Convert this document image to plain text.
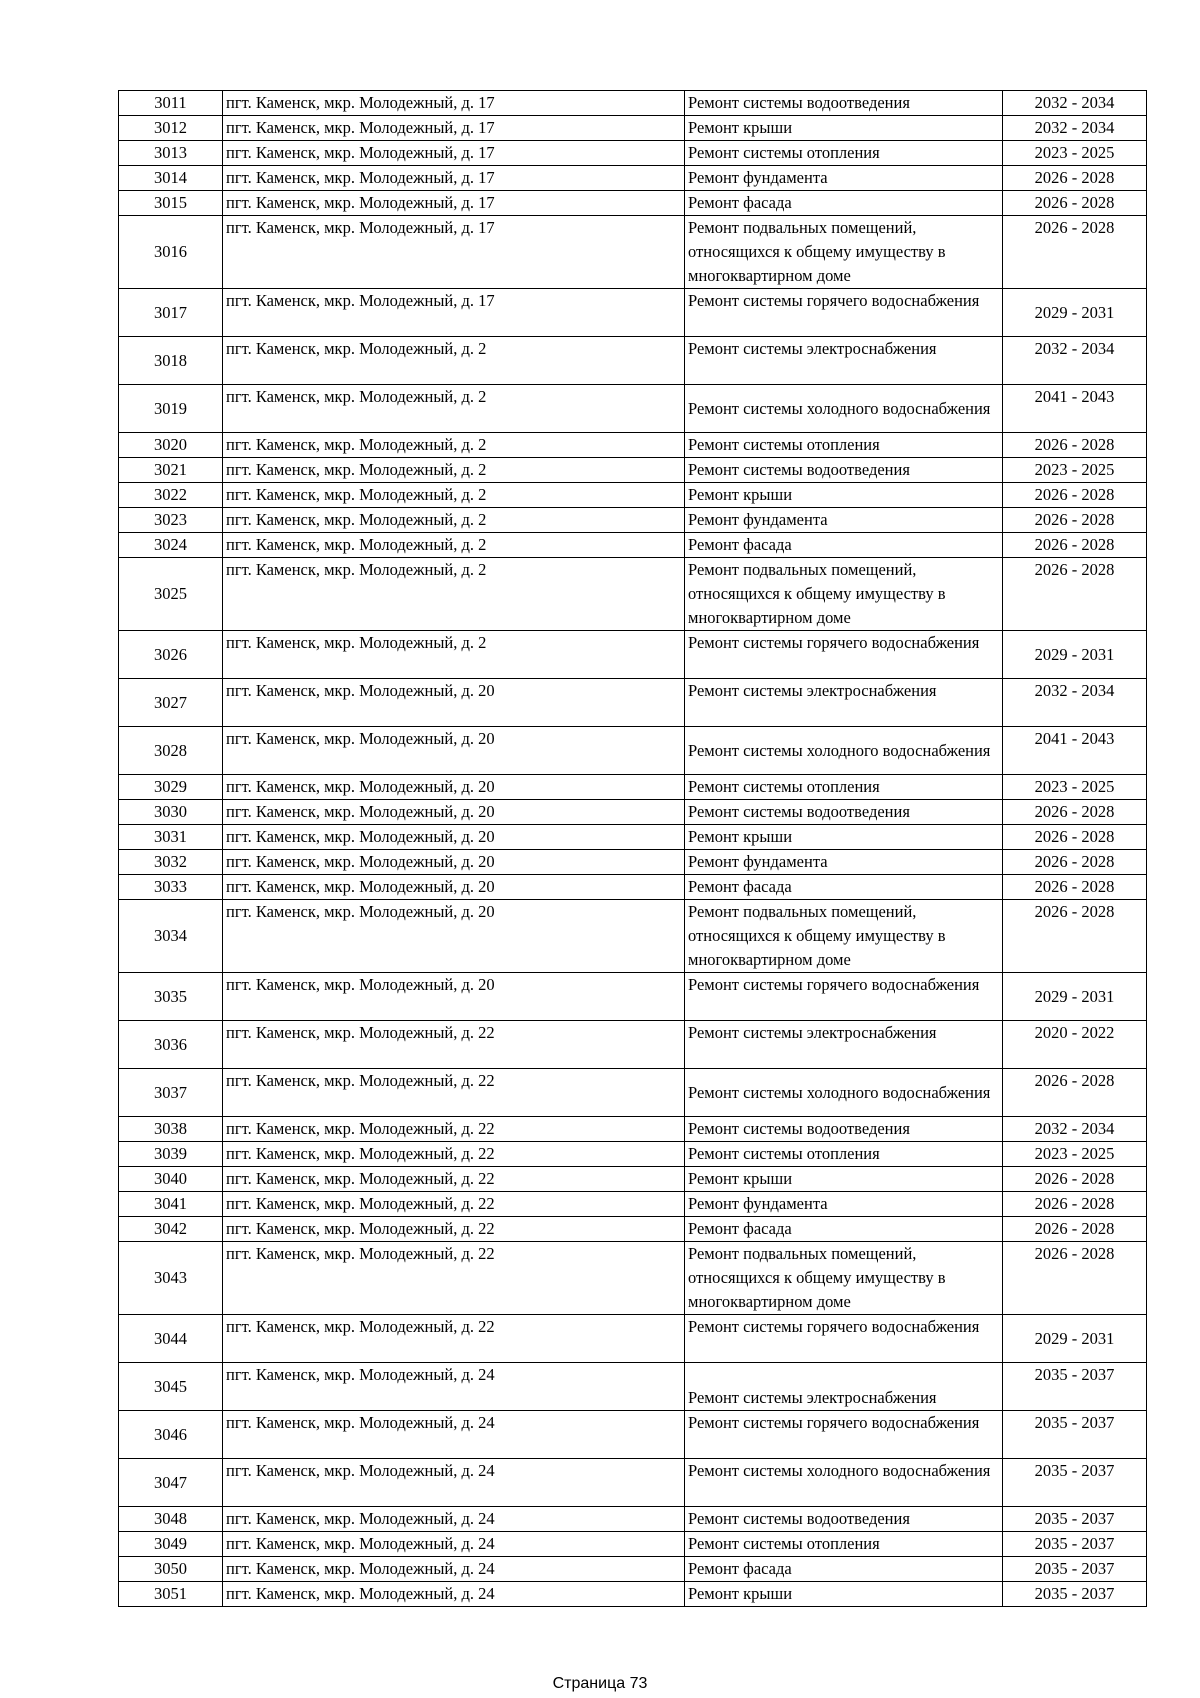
3011	пгт. Каменск, мкр. Молодежный, д. 17	Ремонт системы водоотведения	2032 - 2034
3012	пгт. Каменск, мкр. Молодежный, д. 17	Ремонт крыши	2032 - 2034
3013	пгт. Каменск, мкр. Молодежный, д. 17	Ремонт системы отопления	2023 - 2025
3014	пгт. Каменск, мкр. Молодежный, д. 17	Ремонт фундамента	2026 - 2028
3015	пгт. Каменск, мкр. Молодежный, д. 17	Ремонт фасада	2026 - 2028
3016	пгт. Каменск, мкр. Молодежный, д. 17	Ремонт подвальных помещений, относящихся к общему имуществу в многоквартирном доме	2026 - 2028
3017	пгт. Каменск, мкр. Молодежный, д. 17	Ремонт системы горячего водоснабжения	2029 - 2031
3018	пгт. Каменск, мкр. Молодежный, д. 2	Ремонт системы электроснабжения	2032 - 2034
3019	пгт. Каменск, мкр. Молодежный, д. 2	Ремонт системы холодного водоснабжения	2041 - 2043
3020	пгт. Каменск, мкр. Молодежный, д. 2	Ремонт системы отопления	2026 - 2028
3021	пгт. Каменск, мкр. Молодежный, д. 2	Ремонт системы водоотведения	2023 - 2025
3022	пгт. Каменск, мкр. Молодежный, д. 2	Ремонт крыши	2026 - 2028
3023	пгт. Каменск, мкр. Молодежный, д. 2	Ремонт фундамента	2026 - 2028
3024	пгт. Каменск, мкр. Молодежный, д. 2	Ремонт фасада	2026 - 2028
3025	пгт. Каменск, мкр. Молодежный, д. 2	Ремонт подвальных помещений, относящихся к общему имуществу в многоквартирном доме	2026 - 2028
3026	пгт. Каменск, мкр. Молодежный, д. 2	Ремонт системы горячего водоснабжения	2029 - 2031
3027	пгт. Каменск, мкр. Молодежный, д. 20	Ремонт системы электроснабжения	2032 - 2034
3028	пгт. Каменск, мкр. Молодежный, д. 20	Ремонт системы холодного водоснабжения	2041 - 2043
3029	пгт. Каменск, мкр. Молодежный, д. 20	Ремонт системы отопления	2023 - 2025
3030	пгт. Каменск, мкр. Молодежный, д. 20	Ремонт системы водоотведения	2026 - 2028
3031	пгт. Каменск, мкр. Молодежный, д. 20	Ремонт крыши	2026 - 2028
3032	пгт. Каменск, мкр. Молодежный, д. 20	Ремонт фундамента	2026 - 2028
3033	пгт. Каменск, мкр. Молодежный, д. 20	Ремонт фасада	2026 - 2028
3034	пгт. Каменск, мкр. Молодежный, д. 20	Ремонт подвальных помещений, относящихся к общему имуществу в многоквартирном доме	2026 - 2028
3035	пгт. Каменск, мкр. Молодежный, д. 20	Ремонт системы горячего водоснабжения	2029 - 2031
3036	пгт. Каменск, мкр. Молодежный, д. 22	Ремонт системы электроснабжения	2020 - 2022
3037	пгт. Каменск, мкр. Молодежный, д. 22	Ремонт системы холодного водоснабжения	2026 - 2028
3038	пгт. Каменск, мкр. Молодежный, д. 22	Ремонт системы водоотведения	2032 - 2034
3039	пгт. Каменск, мкр. Молодежный, д. 22	Ремонт системы отопления	2023 - 2025
3040	пгт. Каменск, мкр. Молодежный, д. 22	Ремонт крыши	2026 - 2028
3041	пгт. Каменск, мкр. Молодежный, д. 22	Ремонт фундамента	2026 - 2028
3042	пгт. Каменск, мкр. Молодежный, д. 22	Ремонт фасада	2026 - 2028
3043	пгт. Каменск, мкр. Молодежный, д. 22	Ремонт подвальных помещений, относящихся к общему имуществу в многоквартирном доме	2026 - 2028
3044	пгт. Каменск, мкр. Молодежный, д. 22	Ремонт системы горячего водоснабжения	2029 - 2031
3045	пгт. Каменск, мкр. Молодежный, д. 24	Ремонт системы электроснабжения	2035 - 2037
3046	пгт. Каменск, мкр. Молодежный, д. 24	Ремонт системы горячего водоснабжения	2035 - 2037
3047	пгт. Каменск, мкр. Молодежный, д. 24	Ремонт системы холодного водоснабжения	2035 - 2037
3048	пгт. Каменск, мкр. Молодежный, д. 24	Ремонт системы водоотведения	2035 - 2037
3049	пгт. Каменск, мкр. Молодежный, д. 24	Ремонт системы отопления	2035 - 2037
3050	пгт. Каменск, мкр. Молодежный, д. 24	Ремонт фасада	2035 - 2037
3051	пгт. Каменск, мкр. Молодежный, д. 24	Ремонт крыши	2035 - 2037
Страница 73
